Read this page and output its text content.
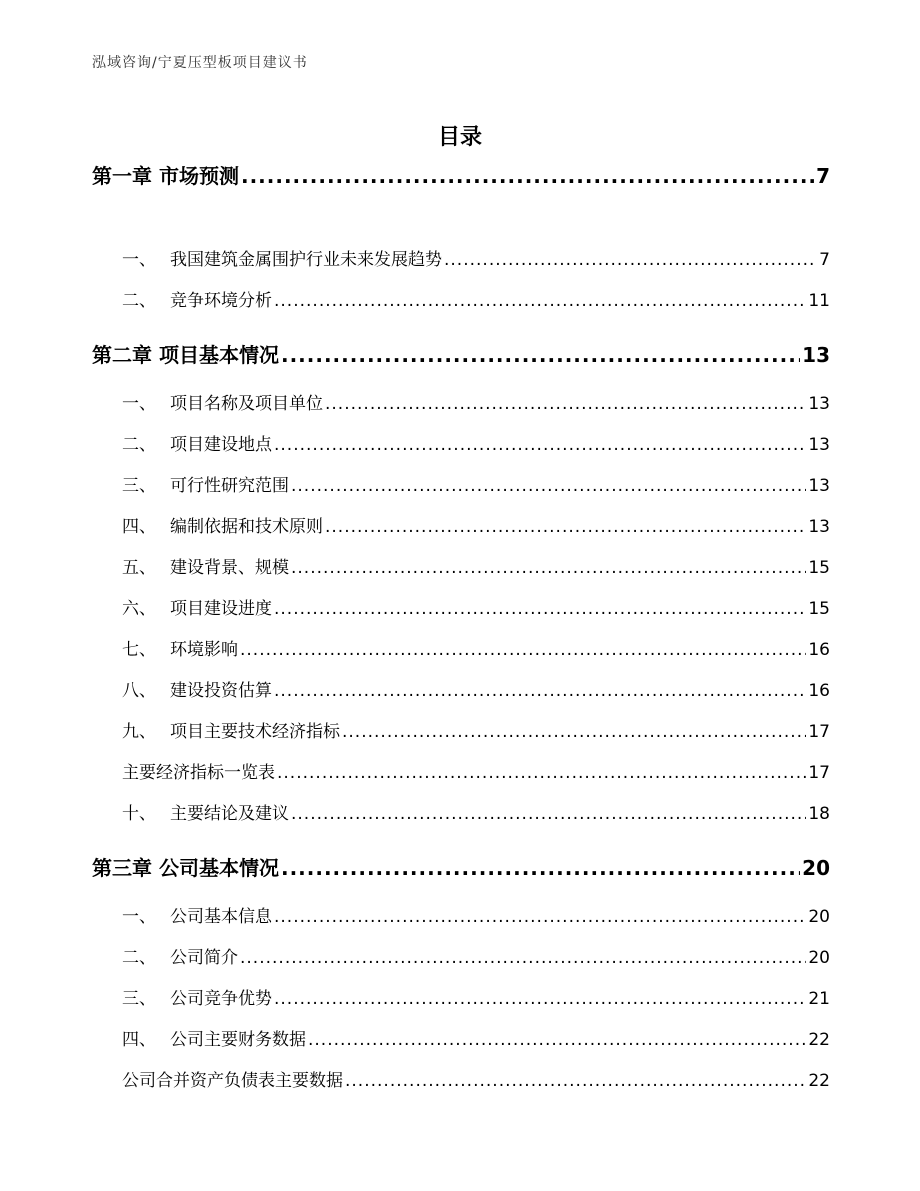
泓域咨询/宁夏压型板项目建议书
目录
第一章 市场预测 .....	7
一、 我国建筑金属围护行业未来发展趋势 .....	7
二、 竞争环境分析 .....	11
第二章 项目基本情况 .....	13
一、 项目名称及项目单位 .....	13
二、 项目建设地点 .....	13
三、 可行性研究范围 .....	13
四、 编制依据和技术原则 .....	13
五、 建设背景、规模 .....	15
六、 项目建设进度 .....	15
七、 环境影响 .....	16
八、 建设投资估算 .....	16
九、 项目主要技术经济指标 .....	17
主要经济指标一览表 .....	17
十、 主要结论及建议 .....	18
第三章 公司基本情况 .....	20
一、 公司基本信息 .....	20
二、 公司简介 .....	20
三、 公司竞争优势 .....	21
四、 公司主要财务数据 .....	22
公司合并资产负债表主要数据 .....	22
